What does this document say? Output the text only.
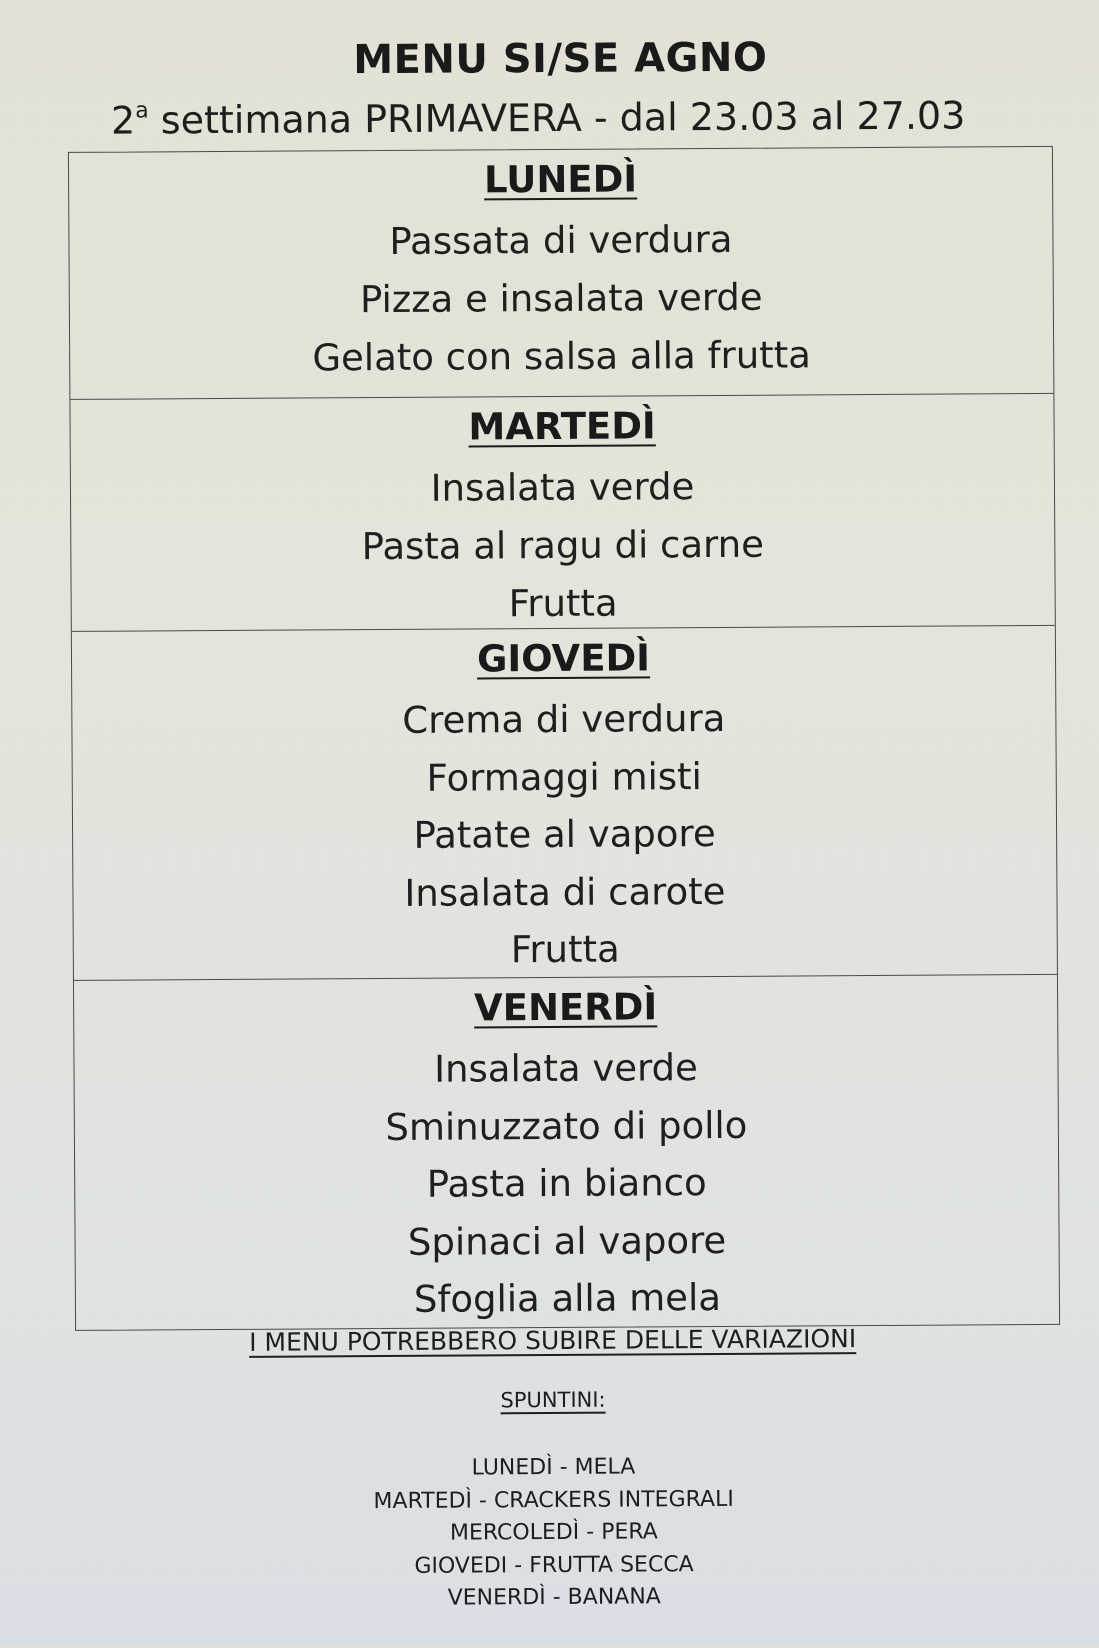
MENU SI/SE AGNO

2$^a$ settimana PRIMAVERA - dal 23.03 al 27.03

LUNEDÌ
Passata di verdura
Pizza e insalata verde
Gelato con salsa alla frutta
MARTEDÌ
Insalata verde
Pasta al ragu di carne
Frutta
GIOVEDÌ
Crema di verdura
Formaggi misti
Patate al vapore
Insalata di carote
Frutta
VENERDÌ
Insalata verde
Sminuzzato di pollo
Pasta in bianco
Spinaci al vapore
Sfoglia alla mela

I MENU POTREBBERO SUBIRE DELLE VARIAZIONI

SPUNTINI:

LUNEDÌ - MELA
MARTEDÌ - CRACKERS INTEGRALI
MERCOLEDÌ - PERA
GIOVEDI - FRUTTA SECCA
VENERDÌ - BANANA
